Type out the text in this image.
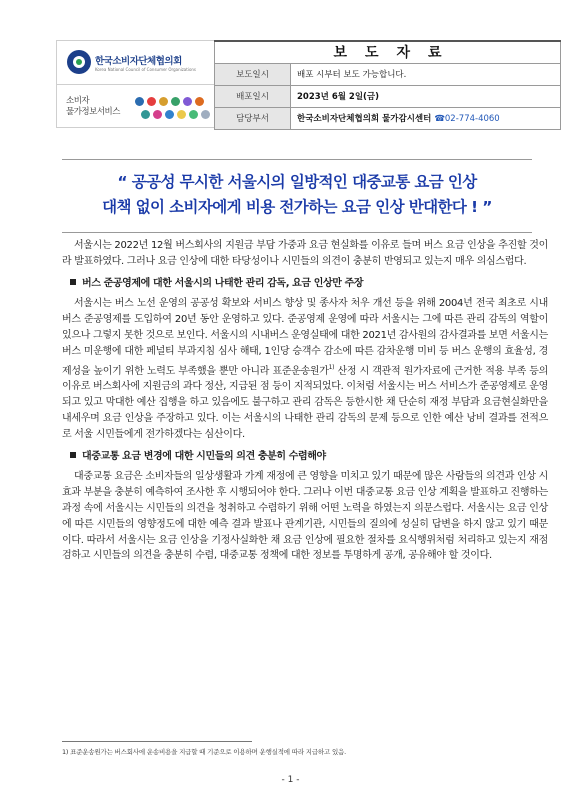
한국소비자단체협의회
Korea National Council of Consumer Organizations
소비자
물가정보서비스
보도자료	
보도일시	배포 시부터 보도 가능합니다.
배포일시	2023년 6월 2일(금)
담당부서	한국소비자단체협의회 물가감시센터 ☎02-774-4060
“ 공공성 무시한 서울시의 일방적인 대중교통 요금 인상
대책 없이 소비자에게 비용 전가하는 요금 인상 반대한다 ! ”

서울시는 2022년 12월 버스회사의 지원금 부담 가중과 요금 현실화를 이유로 들며 버스 요금 인상을 추진할 것이라 발표하였다. 그러나 요금 인상에 대한 타당성이나 시민들의 의견이 충분히 반영되고 있는지 매우 의심스럽다.

버스 준공영제에 대한 서울시의 나태한 관리 감독, 요금 인상만 주장

서울시는 버스 노선 운영의 공공성 확보와 서비스 향상 및 종사자 처우 개선 등을 위해 2004년 전국 최초로 시내버스 준공영제를 도입하여 20년 동안 운영하고 있다. 준공영제 운영에 따라 서울시는 그에 따른 관리 감독의 역할이 있으나 그렇지 못한 것으로 보인다. 서울시의 시내버스 운영실태에 대한 2021년 감사원의 감사결과를 보면 서울시는 버스 미운행에 대한 페널티 부과지침 심사 해태, 1인당 승객수 감소에 따른 감차운행 미비 등 버스 운행의 효율성, 경제성을 높이기 위한 노력도 부족했을 뿐만 아니라 표준운송원가$^{1)}$ 산정 시 객관적 원가자료에 근거한 적용 부족 등의 이유로 버스회사에 지원금의 과다 정산, 지급된 점 등이 지적되었다. 이처럼 서울시는 버스 서비스가 준공영제로 운영되고 있고 막대한 예산 집행을 하고 있음에도 불구하고 관리 감독은 등한시한 채 단순히 재정 부담과 요금현실화만을 내세우며 요금 인상을 주장하고 있다. 이는 서울시의 나태한 관리 감독의 문제 등으로 인한 예산 낭비 결과를 전적으로 서울 시민들에게 전가하겠다는 심산이다.

대중교통 요금 변경에 대한 시민들의 의견 충분히 수렴해야

대중교통 요금은 소비자들의 일상생활과 가계 재정에 큰 영향을 미치고 있기 때문에 많은 사람들의 의견과 인상 시 효과 부분을 충분히 예측하여 조사한 후 시행되어야 한다. 그러나 이번 대중교통 요금 인상 계획을 발표하고 진행하는 과정 속에 서울시는 시민들의 의견을 청취하고 수렴하기 위해 어떤 노력을 하였는지 의문스럽다. 서울시는 요금 인상에 따른 시민들의 영향정도에 대한 예측 결과 발표나 관계기관, 시민들의 질의에 성실히 답변을 하지 않고 있기 때문이다. 따라서 서울시는 요금 인상을 기정사실화한 채 요금 인상에 필요한 절차를 요식행위처럼 처리하고 있는지 재점검하고 시민들의 의견을 충분히 수렴, 대중교통 정책에 대한 정보를 투명하게 공개, 공유해야 할 것이다.

1) 표준운송원가는 버스회사에 운송비용을 지급할 때 기준으로 이용하며 운행실적에 따라 지급하고 있음.
- 1 -
